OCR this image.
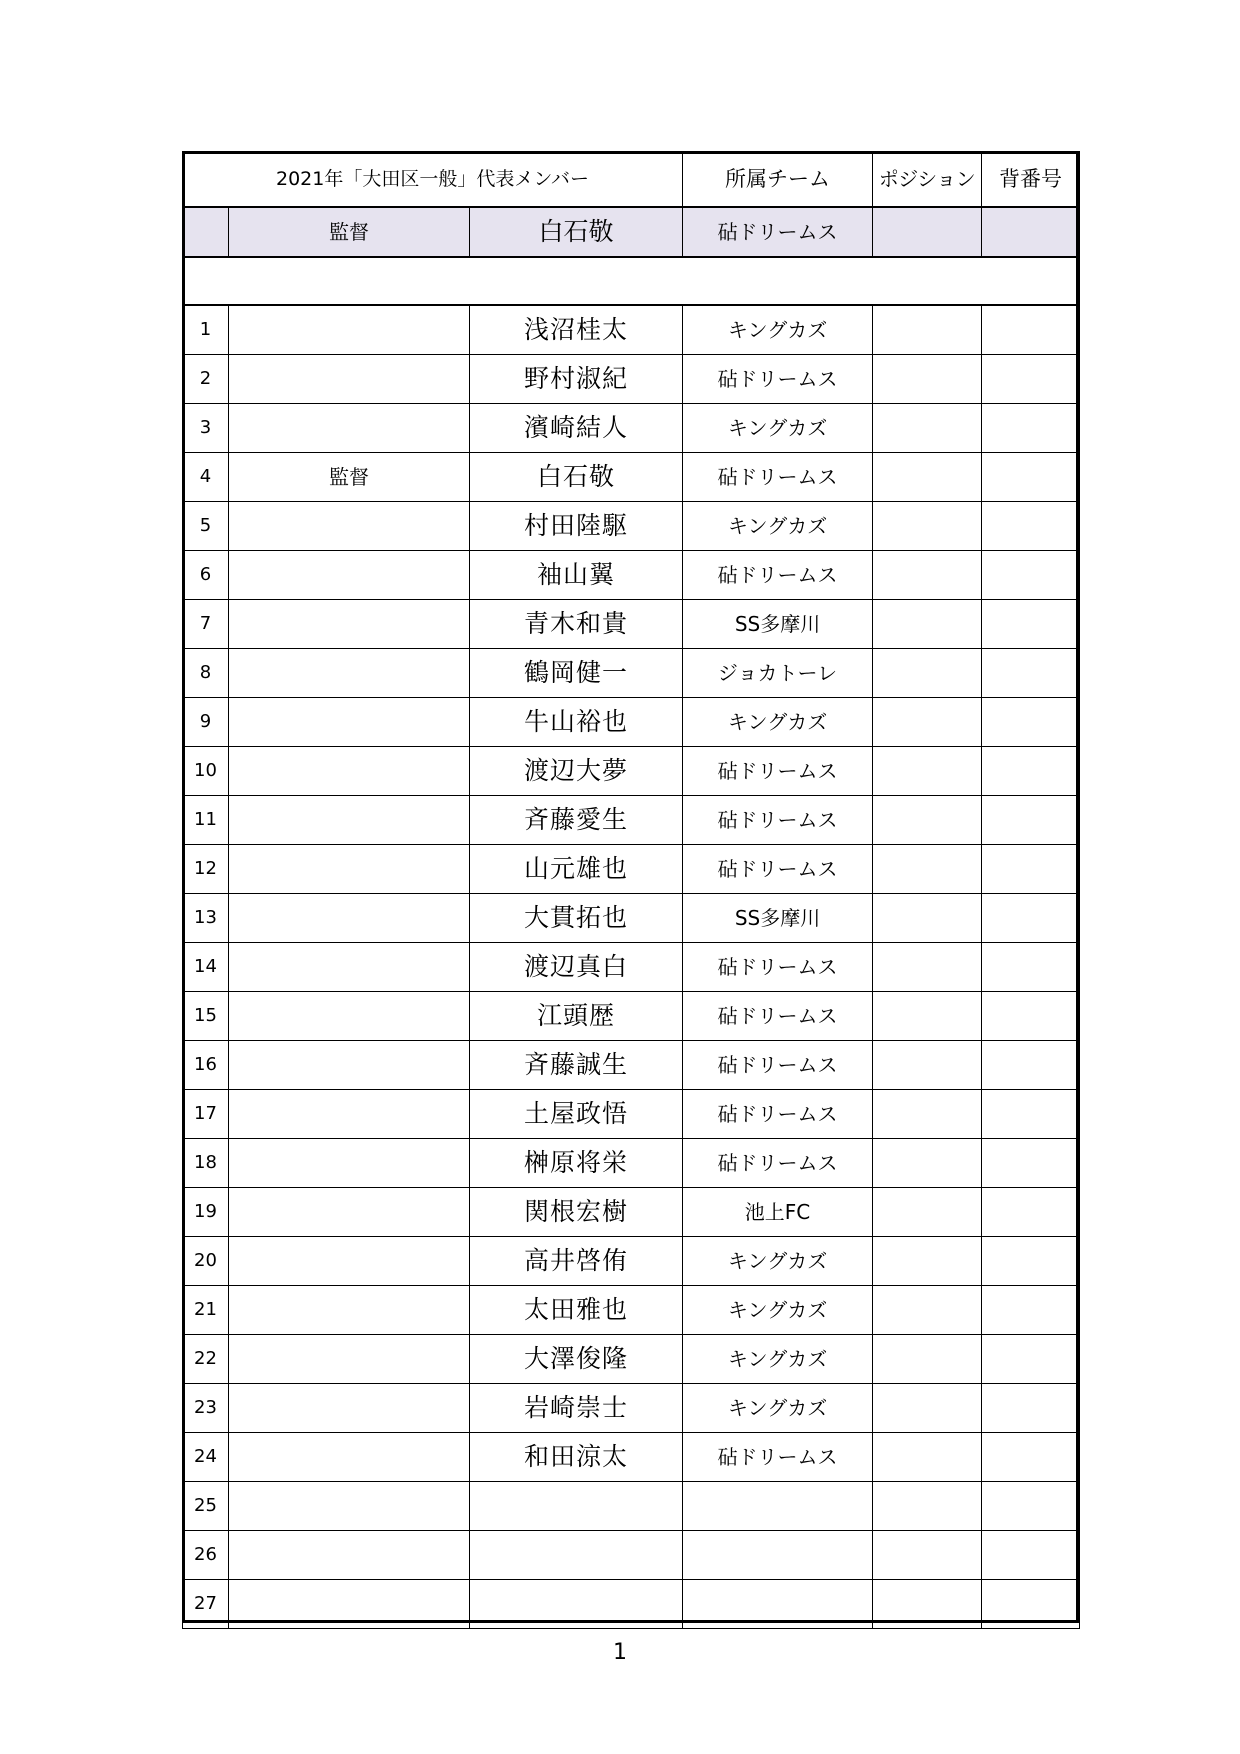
2021年「大田区一般」代表メンバー			所属チーム	ポジション	背番号
	監督	白石敬	砧ドリームス		

1		浅沼桂太	キングカズ		
2		野村淑紀	砧ドリームス		
3		濱崎結人	キングカズ		
4	監督	白石敬	砧ドリームス		
5		村田陸駆	キングカズ		
6		袖山翼	砧ドリームス		
7		青木和貴	SS多摩川		
8		鶴岡健一	ジョカトーレ		
9		牛山裕也	キングカズ		
10		渡辺大夢	砧ドリームス		
11		斉藤愛生	砧ドリームス		
12		山元雄也	砧ドリームス		
13		大貫拓也	SS多摩川		
14		渡辺真白	砧ドリームス		
15		江頭歴	砧ドリームス		
16		斉藤誠生	砧ドリームス		
17		土屋政悟	砧ドリームス		
18		榊原将栄	砧ドリームス		
19		関根宏樹	池上FC		
20		高井啓侑	キングカズ		
21		太田雅也	キングカズ		
22		大澤俊隆	キングカズ		
23		岩崎崇士	キングカズ		
24		和田涼太	砧ドリームス		
25					
26					
27					
1
